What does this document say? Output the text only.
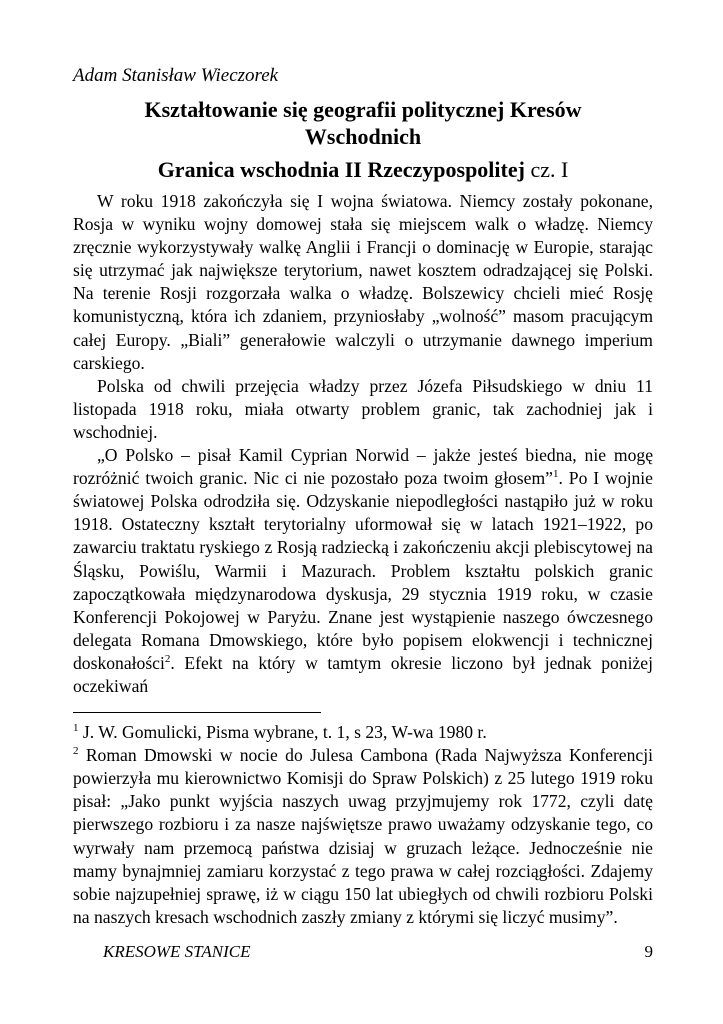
Adam Stanisław Wieczorek
Kształtowanie się geografii politycznej Kresów Wschodnich
Granica wschodnia II Rzeczypospolitej cz. I

W roku 1918 zakończyła się I wojna światowa. Niemcy zostały pokonane, Rosja w wyniku wojny domowej stała się miejscem walk o władzę. Niemcy zręcznie wykorzystywały walkę Anglii i Francji o dominację w Europie, starając się utrzymać jak największe terytorium, nawet kosztem odradzającej się Polski. Na terenie Rosji rozgorzała walka o władzę. Bolszewicy chcieli mieć Rosję komunistyczną, która ich zdaniem, przyniosłaby „wolność” masom pracującym całej Europy. „Biali” generałowie walczyli o utrzymanie dawnego imperium carskiego.

Polska od chwili przejęcia władzy przez Józefa Piłsudskiego w dniu 11 listopada 1918 roku, miała otwarty problem granic, tak zachodniej jak i wschodniej.

„O Polsko – pisał Kamil Cyprian Norwid – jakże jesteś biedna, nie mogę rozróżnić twoich granic. Nic ci nie pozostało poza twoim głosem”$^1$. Po I wojnie światowej Polska odrodziła się. Odzyskanie niepodległości nastąpiło już w roku 1918. Ostateczny kształt terytorialny uformował się w latach 1921–1922, po zawarciu traktatu ryskiego z Rosją radziecką i zakończeniu akcji plebiscytowej na Śląsku, Powiślu, Warmii i Mazurach. Problem kształtu polskich granic zapoczątkowała międzynarodowa dyskusja, 29 stycznia 1919 roku, w czasie Konferencji Pokojowej w Paryżu. Znane jest wystąpienie naszego ówczesnego delegata Romana Dmowskiego, które było popisem elokwencji i technicznej doskonałości$^2$. Efekt na który w tamtym okresie liczono był jednak poniżej oczekiwań

$^1$ J. W. Gomulicki, Pisma wybrane, t. 1, s 23, W-wa 1980 r.

$^2$ Roman Dmowski w nocie do Julesa Cambona (Rada Najwyższa Konferencji powierzyła mu kierownictwo Komisji do Spraw Polskich) z 25 lutego 1919 roku pisał: „Jako punkt wyjścia naszych uwag przyjmujemy rok 1772, czyli datę pierwszego rozbioru i za nasze najświętsze prawo uważamy odzyskanie tego, co wyrwały nam przemocą państwa dzisiaj w gruzach leżące. Jednocześnie nie mamy bynajmniej zamiaru korzystać z tego prawa w całej rozciągłości. Zdajemy sobie najzupełniej sprawę, iż w ciągu 150 lat ubiegłych od chwili rozbioru Polski na naszych kresach wschodnich zaszły zmiany z którymi się liczyć musimy”.

KRESOWE STANICE	9
